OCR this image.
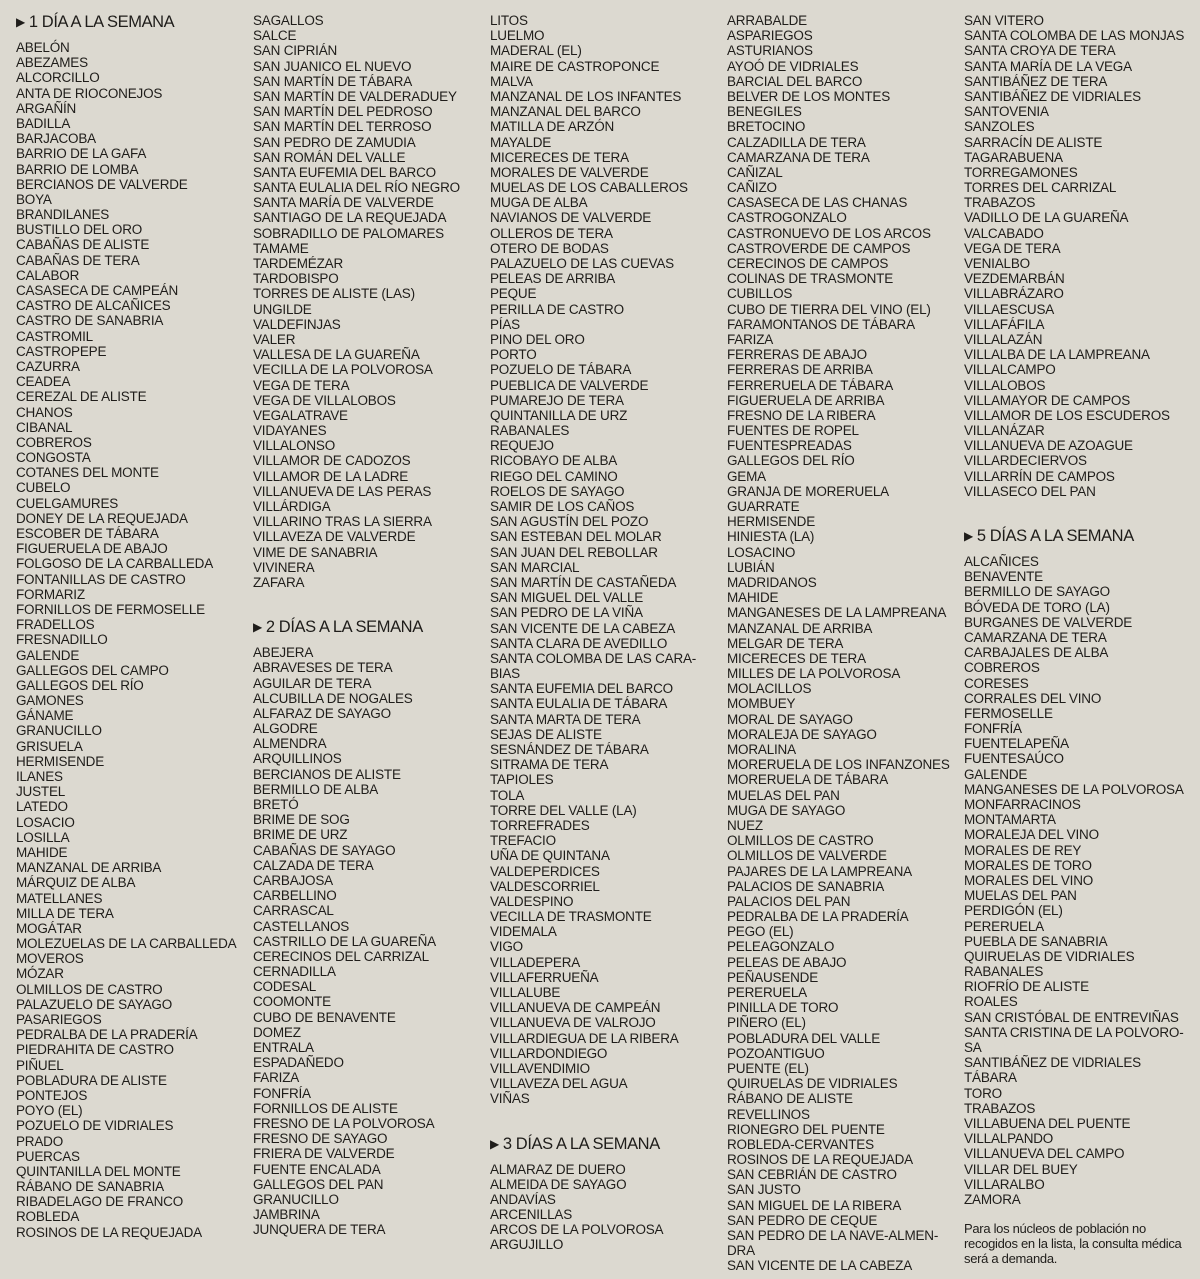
▶ 1 DÍA A LA SEMANA
ABELÓN
ABEZAMES
ALCORCILLO
ANTA DE RIOCONEJOS
ARGAÑÍN
BADILLA
BARJACOBA
BARRIO DE LA GAFA
BARRIO DE LOMBA
BERCIANOS DE VALVERDE
BOYA
BRANDILANES
BUSTILLO DEL ORO
CABAÑAS DE ALISTE
CABAÑAS DE TERA
CALABOR
CASASECA DE CAMPEÁN
CASTRO DE ALCAÑICES
CASTRO DE SANABRIA
CASTROMIL
CASTROPEPE
CAZURRA
CEADEA
CEREZAL DE ALISTE
CHANOS
CIBANAL
COBREROS
CONGOSTA
COTANES DEL MONTE
CUBELO
CUELGAMURES
DONEY DE LA REQUEJADA
ESCOBER DE TÁBARA
FIGUERUELA DE ABAJO
FOLGOSO DE LA CARBALLEDA
FONTANILLAS DE CASTRO
FORMARIZ
FORNILLOS DE FERMOSELLE
FRADELLOS
FRESNADILLO
GALENDE
GALLEGOS DEL CAMPO
GALLEGOS DEL RÍO
GAMONES
GÁNAME
GRANUCILLO
GRISUELA
HERMISENDE
ILANES
JUSTEL
LATEDO
LOSACIO
LOSILLA
MAHIDE
MANZANAL DE ARRIBA
MÁRQUIZ DE ALBA
MATELLANES
MILLA DE TERA
MOGÁTAR
MOLEZUELAS DE LA CARBALLEDA
MOVEROS
MÓZAR
OLMILLOS DE CASTRO
PALAZUELO DE SAYAGO
PASARIEGOS
PEDRALBA DE LA PRADERÍA
PIEDRAHITA DE CASTRO
PIÑUEL
POBLADURA DE ALISTE
PONTEJOS
POYO (EL)
POZUELO DE VIDRIALES
PRADO
PUERCAS
QUINTANILLA DEL MONTE
RÁBANO DE SANABRIA
RIBADELAGO DE FRANCO
ROBLEDA
ROSINOS DE LA REQUEJADA
SAGALLOS
SALCE
SAN CIPRIÁN
SAN JUANICO EL NUEVO
SAN MARTÍN DE TÁBARA
SAN MARTÍN DE VALDERADUEY
SAN MARTÍN DEL PEDROSO
SAN MARTÍN DEL TERROSO
SAN PEDRO DE ZAMUDIA
SAN ROMÁN DEL VALLE
SANTA EUFEMIA DEL BARCO
SANTA EULALIA DEL RÍO NEGRO
SANTA MARÍA DE VALVERDE
SANTIAGO DE LA REQUEJADA
SOBRADILLO DE PALOMARES
TAMAME
TARDEMÉZAR
TARDOBISPO
TORRES DE ALISTE (LAS)
UNGILDE
VALDEFINJAS
VALER
VALLESA DE LA GUAREÑA
VECILLA DE LA POLVOROSA
VEGA DE TERA
VEGA DE VILLALOBOS
VEGALATRAVE
VIDAYANES
VILLALONSO
VILLAMOR DE CADOZOS
VILLAMOR DE LA LADRE
VILLANUEVA DE LAS PERAS
VILLÁRDIGA
VILLARINO TRAS LA SIERRA
VILLAVEZA DE VALVERDE
VIME DE SANABRIA
VIVINERA
ZAFARA
▶ 2 DÍAS A LA SEMANA
ABEJERA
ABRAVESES DE TERA
AGUILAR DE TERA
ALCUBILLA DE NOGALES
ALFARAZ DE SAYAGO
ALGODRE
ALMENDRA
ARQUILLINOS
BERCIANOS DE ALISTE
BERMILLO DE ALBA
BRETÓ
BRIME DE SOG
BRIME DE URZ
CABAÑAS DE SAYAGO
CALZADA DE TERA
CARBAJOSA
CARBELLINO
CARRASCAL
CASTELLANOS
CASTRILLO DE LA GUAREÑA
CERECINOS DEL CARRIZAL
CERNADILLA
CODESAL
COOMONTE
CUBO DE BENAVENTE
DOMEZ
ENTRALA
ESPADAÑEDO
FARIZA
FONFRÍA
FORNILLOS DE ALISTE
FRESNO DE LA POLVOROSA
FRESNO DE SAYAGO
FRIERA DE VALVERDE
FUENTE ENCALADA
GALLEGOS DEL PAN
GRANUCILLO
JAMBRINA
JUNQUERA DE TERA
LITOS
LUELMO
MADERAL (EL)
MAIRE DE CASTROPONCE
MALVA
MANZANAL DE LOS INFANTES
MANZANAL DEL BARCO
MATILLA DE ARZÓN
MAYALDE
MICERECES DE TERA
MORALES DE VALVERDE
MUELAS DE LOS CABALLEROS
MUGA DE ALBA
NAVIANOS DE VALVERDE
OLLEROS DE TERA
OTERO DE BODAS
PALAZUELO DE LAS CUEVAS
PELEAS DE ARRIBA
PEQUE
PERILLA DE CASTRO
PÍAS
PINO DEL ORO
PORTO
POZUELO DE TÁBARA
PUEBLICA DE VALVERDE
PUMAREJO DE TERA
QUINTANILLA DE URZ
RABANALES
REQUEJO
RICOBAYO DE ALBA
RIEGO DEL CAMINO
ROELOS DE SAYAGO
SAMIR DE LOS CAÑOS
SAN AGUSTÍN DEL POZO
SAN ESTEBAN DEL MOLAR
SAN JUAN DEL REBOLLAR
SAN MARCIAL
SAN MARTÍN DE CASTAÑEDA
SAN MIGUEL DEL VALLE
SAN PEDRO DE LA VIÑA
SAN VICENTE DE LA CABEZA
SANTA CLARA DE AVEDILLO
SANTA COLOMBA DE LAS CARA-BIAS
SANTA EUFEMIA DEL BARCO
SANTA EULALIA DE TÁBARA
SANTA MARTA DE TERA
SEJAS DE ALISTE
SESNÁNDEZ DE TÁBARA
SITRAMA DE TERA
TAPIOLES
TOLA
TORRE DEL VALLE (LA)
TORREFRADES
TREFACIO
UÑA DE QUINTANA
VALDEPERDICES
VALDESCORRIEL
VALDESPINO
VECILLA DE TRASMONTE
VIDEMALA
VIGO
VILLADEPERA
VILLAFERRUEÑA
VILLALUBE
VILLANUEVA DE CAMPEÁN
VILLANUEVA DE VALROJO
VILLARDIEGUA DE LA RIBERA
VILLARDONDIEGO
VILLAVENDIMIO
VILLAVEZA DEL AGUA
VIÑAS
▶ 3 DÍAS A LA SEMANA
ALMARAZ DE DUERO
ALMEIDA DE SAYAGO
ANDAVÍAS
ARCENILLAS
ARCOS DE LA POLVOROSA
ARGUJILLO
ARRABALDE
ASPARIEGOS
ASTURIANOS
AYOÓ DE VIDRIALES
BARCIAL DEL BARCO
BELVER DE LOS MONTES
BENEGILES
BRETOCINO
CALZADILLA DE TERA
CAMARZANA DE TERA
CAÑIZAL
CAÑIZO
CASASECA DE LAS CHANAS
CASTROGONZALO
CASTRONUEVO DE LOS ARCOS
CASTROVERDE DE CAMPOS
CERECINOS DE CAMPOS
COLINAS DE TRASMONTE
CUBILLOS
CUBO DE TIERRA DEL VINO (EL)
FARAMONTANOS DE TÁBARA
FARIZA
FERRERAS DE ABAJO
FERRERAS DE ARRIBA
FERRERUELA DE TÁBARA
FIGUERUELA DE ARRIBA
FRESNO DE LA RIBERA
FUENTES DE ROPEL
FUENTESPREADAS
GALLEGOS DEL RÍO
GEMA
GRANJA DE MORERUELA
GUARRATE
HERMISENDE
HINIESTA (LA)
LOSACINO
LUBIÁN
MADRIDANOS
MAHIDE
MANGANESES DE LA LAMPREANA
MANZANAL DE ARRIBA
MELGAR DE TERA
MICERECES DE TERA
MILLES DE LA POLVOROSA
MOLACILLOS
MOMBUEY
MORAL DE SAYAGO
MORALEJA DE SAYAGO
MORALINA
MORERUELA DE LOS INFANZONES
MORERUELA DE TÁBARA
MUELAS DEL PAN
MUGA DE SAYAGO
NUEZ
OLMILLOS DE CASTRO
OLMILLOS DE VALVERDE
PAJARES DE LA LAMPREANA
PALACIOS DE SANABRIA
PALACIOS DEL PAN
PEDRALBA DE LA PRADERÍA
PEGO (EL)
PELEAGONZALO
PELEAS DE ABAJO
PEÑAUSENDE
PERERUELA
PINILLA DE TORO
PIÑERO (EL)
POBLADURA DEL VALLE
POZOANTIGUO
PUENTE (EL)
QUIRUELAS DE VIDRIALES
RÁBANO DE ALISTE
REVELLINOS
RIONEGRO DEL PUENTE
ROBLEDA-CERVANTES
ROSINOS DE LA REQUEJADA
SAN CEBRIÁN DE CASTRO
SAN JUSTO
SAN MIGUEL DE LA RIBERA
SAN PEDRO DE CEQUE
SAN PEDRO DE LA NAVE-ALMEN-DRA
SAN VICENTE DE LA CABEZA
SAN VITERO
SANTA COLOMBA DE LAS MONJAS
SANTA CROYA DE TERA
SANTA MARÍA DE LA VEGA
SANTIBÁÑEZ DE TERA
SANTIBÁÑEZ DE VIDRIALES
SANTOVENIA
SANZOLES
SARRACÍN DE ALISTE
TAGARABUENA
TORREGAMONES
TORRES DEL CARRIZAL
TRABAZOS
VADILLO DE LA GUAREÑA
VALCABADO
VEGA DE TERA
VENIALBO
VEZDEMARBÁN
VILLABRÁZARO
VILLAESCUSA
VILLAFÁFILA
VILLALAZÁN
VILLALBA DE LA LAMPREANA
VILLALCAMPO
VILLALOBOS
VILLAMAYOR DE CAMPOS
VILLAMOR DE LOS ESCUDEROS
VILLANÁZAR
VILLANUEVA DE AZOAGUE
VILLARDECIERVOS
VILLARRÍN DE CAMPOS
VILLASECO DEL PAN
▶ 5 DÍAS A LA SEMANA
ALCAÑICES
BENAVENTE
BERMILLO DE SAYAGO
BÓVEDA DE TORO (LA)
BURGANES DE VALVERDE
CAMARZANA DE TERA
CARBAJALES DE ALBA
COBREROS
CORESES
CORRALES DEL VINO
FERMOSELLE
FONFRÍA
FUENTELAPEÑA
FUENTESAÚCO
GALENDE
MANGANESES DE LA POLVOROSA
MONFARRACINOS
MONTAMARTA
MORALEJA DEL VINO
MORALES DE REY
MORALES DE TORO
MORALES DEL VINO
MUELAS DEL PAN
PERDIGÓN (EL)
PERERUELA
PUEBLA DE SANABRIA
QUIRUELAS DE VIDRIALES
RABANALES
RIOFRÍO DE ALISTE
ROALES
SAN CRISTÓBAL DE ENTREVIÑAS
SANTA CRISTINA DE LA POLVORO-SA
SANTIBÁÑEZ DE VIDRIALES
TÁBARA
TORO
TRABAZOS
VILLABUENA DEL PUENTE
VILLALPANDO
VILLANUEVA DEL CAMPO
VILLAR DEL BUEY
VILLARALBO
ZAMORA

Para los núcleos de población no recogidos en la lista, la consulta médica será a demanda.
